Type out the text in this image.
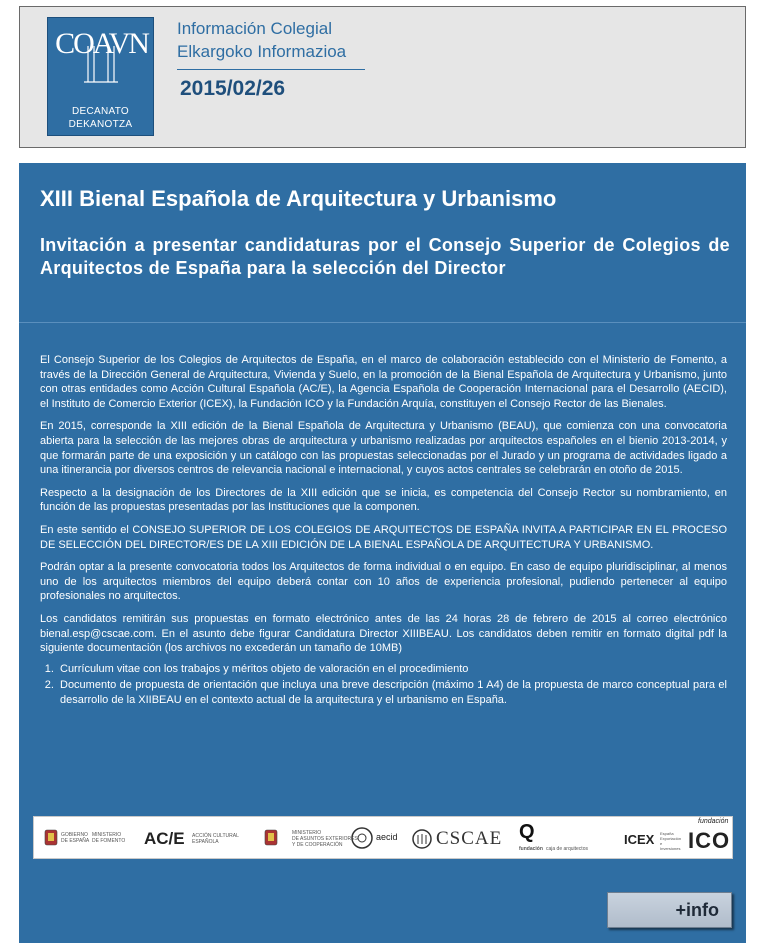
COAVN
DECANATO
DEKANOTZA
Información Colegial
Elkargoko Informazioa
2015/02/26
XIII Bienal Española de Arquitectura y Urbanismo
Invitación a presentar candidaturas por el Consejo Superior de Colegios de Arquitectos de España para la selección del Director

El Consejo Superior de los Colegios de Arquitectos de España, en el marco de colaboración establecido con el Ministerio de Fomento, a través de la Dirección General de Arquitectura, Vivienda y Suelo, en la promoción de la Bienal Española de Arquitectura y Urbanismo, junto con otras entidades como Acción Cultural Española (AC/E), la Agencia Española de Cooperación Internacional para el Desarrollo (AECID), el Instituto de Comercio Exterior (ICEX), la Fundación ICO y la Fundación Arquía, constituyen el Consejo Rector de las Bienales.

En 2015, corresponde la XIII edición de la Bienal Española de Arquitectura y Urbanismo (BEAU), que comienza con una convocatoria abierta para la selección de las mejores obras de arquitectura y urbanismo realizadas por arquitectos españoles en el bienio 2013-2014, y que formarán parte de una exposición y un catálogo con las propuestas seleccionadas por el Jurado y un programa de actividades ligado a una itinerancia por diversos centros de relevancia nacional e internacional, y cuyos actos centrales se celebrarán en otoño de 2015.

Respecto a la designación de los Directores de la XIII edición que se inicia, es competencia del Consejo Rector su nombramiento, en función de las propuestas presentadas por las Instituciones que la componen.

En este sentido el CONSEJO SUPERIOR DE LOS COLEGIOS DE ARQUITECTOS DE ESPAÑA INVITA A PARTICIPAR EN EL PROCESO DE SELECCIÓN DEL DIRECTOR/ES DE LA XIII EDICIÓN DE LA BIENAL ESPAÑOLA DE ARQUITECTURA Y URBANISMO.

Podrán optar a la presente convocatoria todos los Arquitectos de forma individual o en equipo. En caso de equipo pluridisciplinar, al menos uno de los arquitectos miembros del equipo deberá contar con 10 años de experiencia profesional, pudiendo pertenecer al equipo profesionales no arquitectos.

Los candidatos remitirán sus propuestas en formato electrónico antes de las 24 horas 28 de febrero de 2015 al correo electrónico bienal.esp@cscae.com. En el asunto debe figurar Candidatura Director XIIIBEAU. Los candidatos deben remitir en formato digital pdf la siguiente documentación (los archivos no excederán un tamaño de 10MB)

1. Currículum vitae con los trabajos y méritos objeto de valoración en el procedimiento
2. Documento de propuesta de orientación que incluya una breve descripción (máximo 1 A4) de la propuesta de marco conceptual para el desarrollo de la XIIBEAU en el contexto actual de la arquitectura y el urbanismo en España.
GOBIERNO
DE ESPAÑA
MINISTERIO DE FOMENTO AC/E ACCIÓN CULTURAL
ESPAÑOLA
MINISTERIO
DE ASUNTOS EXTERIORES
Y DE COOPERACIÓN
aecid CSCAE Q
fundación caja de arquitectos
ICEX España
Exportación
e Inversiones
fundación
ICO
+info
